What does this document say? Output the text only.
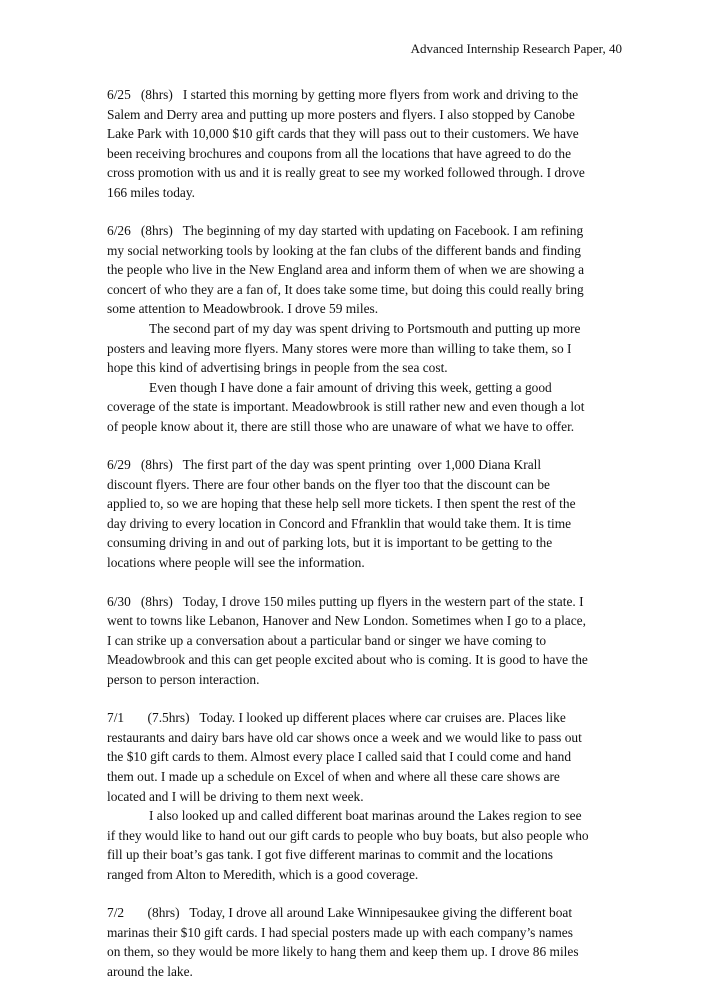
Advanced Internship Research Paper, 40
6/25   (8hrs)   I started this morning by getting more flyers from work and driving to the
Salem and Derry area and putting up more posters and flyers. I also stopped by Canobe
Lake Park with 10,000 $10 gift cards that they will pass out to their customers. We have
been receiving brochures and coupons from all the locations that have agreed to do the
cross promotion with us and it is really great to see my worked followed through. I drove
166 miles today.
6/26   (8hrs)   The beginning of my day started with updating on Facebook. I am refining
my social networking tools by looking at the fan clubs of the different bands and finding
the people who live in the New England area and inform them of when we are showing a
concert of who they are a fan of, It does take some time, but doing this could really bring
some attention to Meadowbrook. I drove 59 miles.
The second part of my day was spent driving to Portsmouth and putting up more
posters and leaving more flyers. Many stores were more than willing to take them, so I
hope this kind of advertising brings in people from the sea cost.
Even though I have done a fair amount of driving this week, getting a good
coverage of the state is important. Meadowbrook is still rather new and even though a lot
of people know about it, there are still those who are unaware of what we have to offer.
6/29   (8hrs)   The first part of the day was spent printing  over 1,000 Diana Krall
discount flyers. There are four other bands on the flyer too that the discount can be
applied to, so we are hoping that these help sell more tickets. I then spent the rest of the
day driving to every location in Concord and Ffranklin that would take them. It is time
consuming driving in and out of parking lots, but it is important to be getting to the
locations where people will see the information.
6/30   (8hrs)   Today, I drove 150 miles putting up flyers in the western part of the state. I
went to towns like Lebanon, Hanover and New London. Sometimes when I go to a place,
I can strike up a conversation about a particular band or singer we have coming to
Meadowbrook and this can get people excited about who is coming. It is good to have the
person to person interaction.
7/1       (7.5hrs)   Today. I looked up different places where car cruises are. Places like
restaurants and dairy bars have old car shows once a week and we would like to pass out
the $10 gift cards to them. Almost every place I called said that I could come and hand
them out. I made up a schedule on Excel of when and where all these care shows are
located and I will be driving to them next week.
I also looked up and called different boat marinas around the Lakes region to see
if they would like to hand out our gift cards to people who buy boats, but also people who
fill up their boat’s gas tank. I got five different marinas to commit and the locations
ranged from Alton to Meredith, which is a good coverage.
7/2       (8hrs)   Today, I drove all around Lake Winnipesaukee giving the different boat
marinas their $10 gift cards. I had special posters made up with each company’s names
on them, so they would be more likely to hang them and keep them up. I drove 86 miles
around the lake.
